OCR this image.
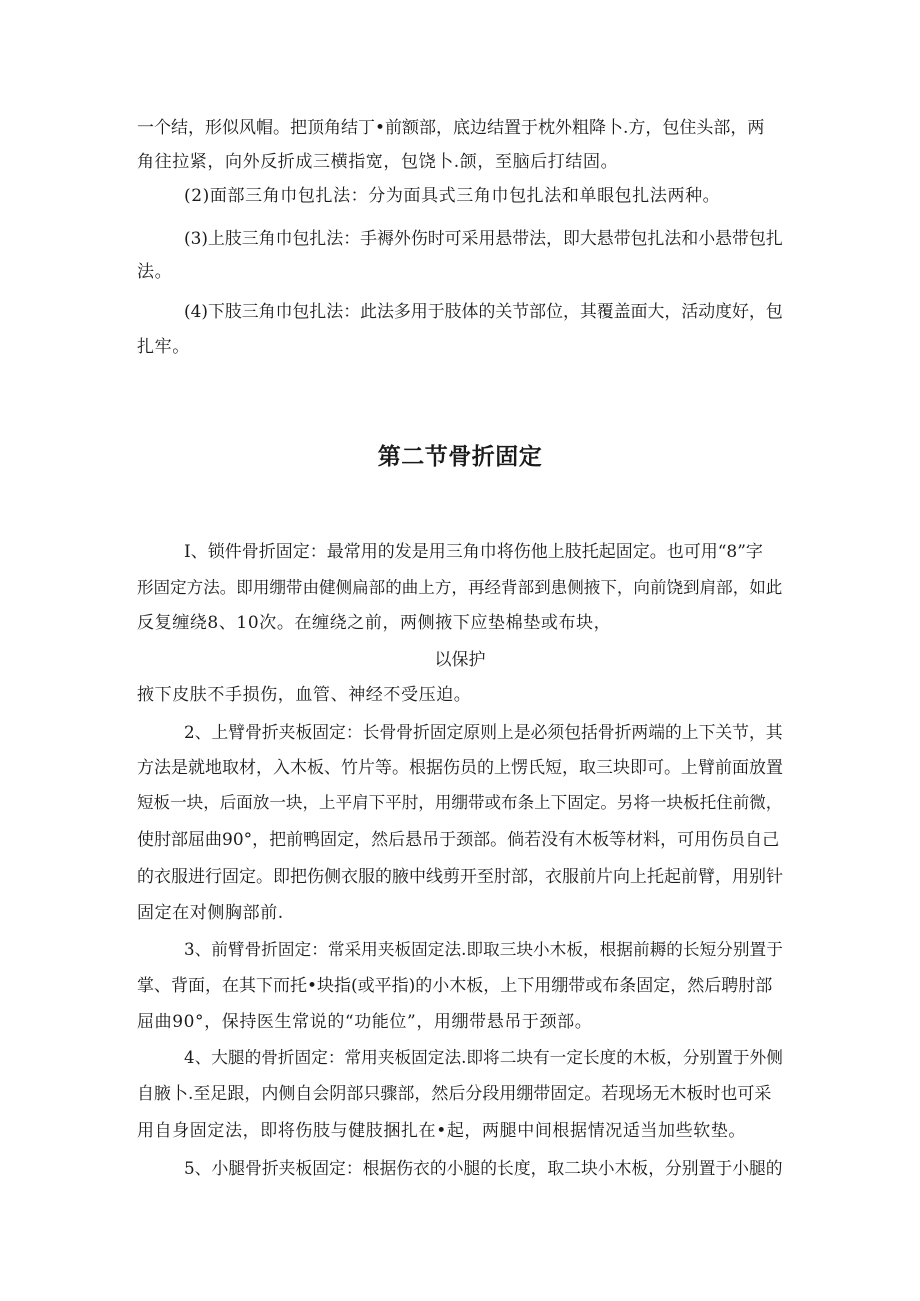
一个结，形似风帽。把顶角结丁•前额部，底边结置于枕外粗降卜.方，包住头部，两
角往拉紧，向外反折成三横指宽，包饶卜.颌，至脑后打结固。
(2)面部三角巾包扎法：分为面具式三角巾包扎法和单眼包扎法两种。
(3)上肢三角巾包扎法：手褥外伤时可采用悬带法，即大悬带包扎法和小悬带包扎
法。
(4)下肢三角巾包扎法：此法多用于肢体的关节部位，其覆盖面大，活动度好，包
扎牢。
第二节骨折固定
I、锁件骨折固定：最常用的发是用三角巾将伤他上肢托起固定。也可用“8”字
形固定方法。即用绷带由健侧扁部的曲上方，再经背部到患侧掖下，向前饶到肩部，如此
反复缠绕8、10次。在缠绕之前，两侧掖下应垫棉垫或布块，
以保护
掖下皮肤不手损伤，血管、神经不受压迫。
2、上臂骨折夹板固定：长骨骨折固定原则上是必须包括骨折两端的上下关节，其
方法是就地取材，入木板、竹片等。根据伤员的上愣氏短，取三块即可。上臂前面放置
短板一块，后面放一块，上平肩下平肘，用绷带或布条上下固定。另将一块板托住前微，
使肘部屈曲90°，把前鸭固定，然后悬吊于颈部。倘若没有木板等材料，可用伤员自己
的衣服进行固定。即把伤侧衣服的腋中线剪开至肘部，衣服前片向上托起前臂，用别针
固定在对侧胸部前.
3、前臂骨折固定：常采用夹板固定法.即取三块小木板，根据前耨的长短分别置于
掌、背面，在其下而托•块指(或平指)的小木板，上下用绷带或布条固定，然后聘肘部
屈曲90°，保持医生常说的“功能位”，用绷带悬吊于颈部。
4、大腿的骨折固定：常用夹板固定法.即将二块有一定长度的木板，分别置于外侧
自腋卜.至足跟，内侧自会阴部只骤部，然后分段用绷带固定。若现场无木板时也可采
用自身固定法，即将伤肢与健肢捆扎在•起，两腿中间根据情况适当加些软垫。
5、小腿骨折夹板固定：根据伤衣的小腿的长度，取二块小木板，分别置于小腿的
